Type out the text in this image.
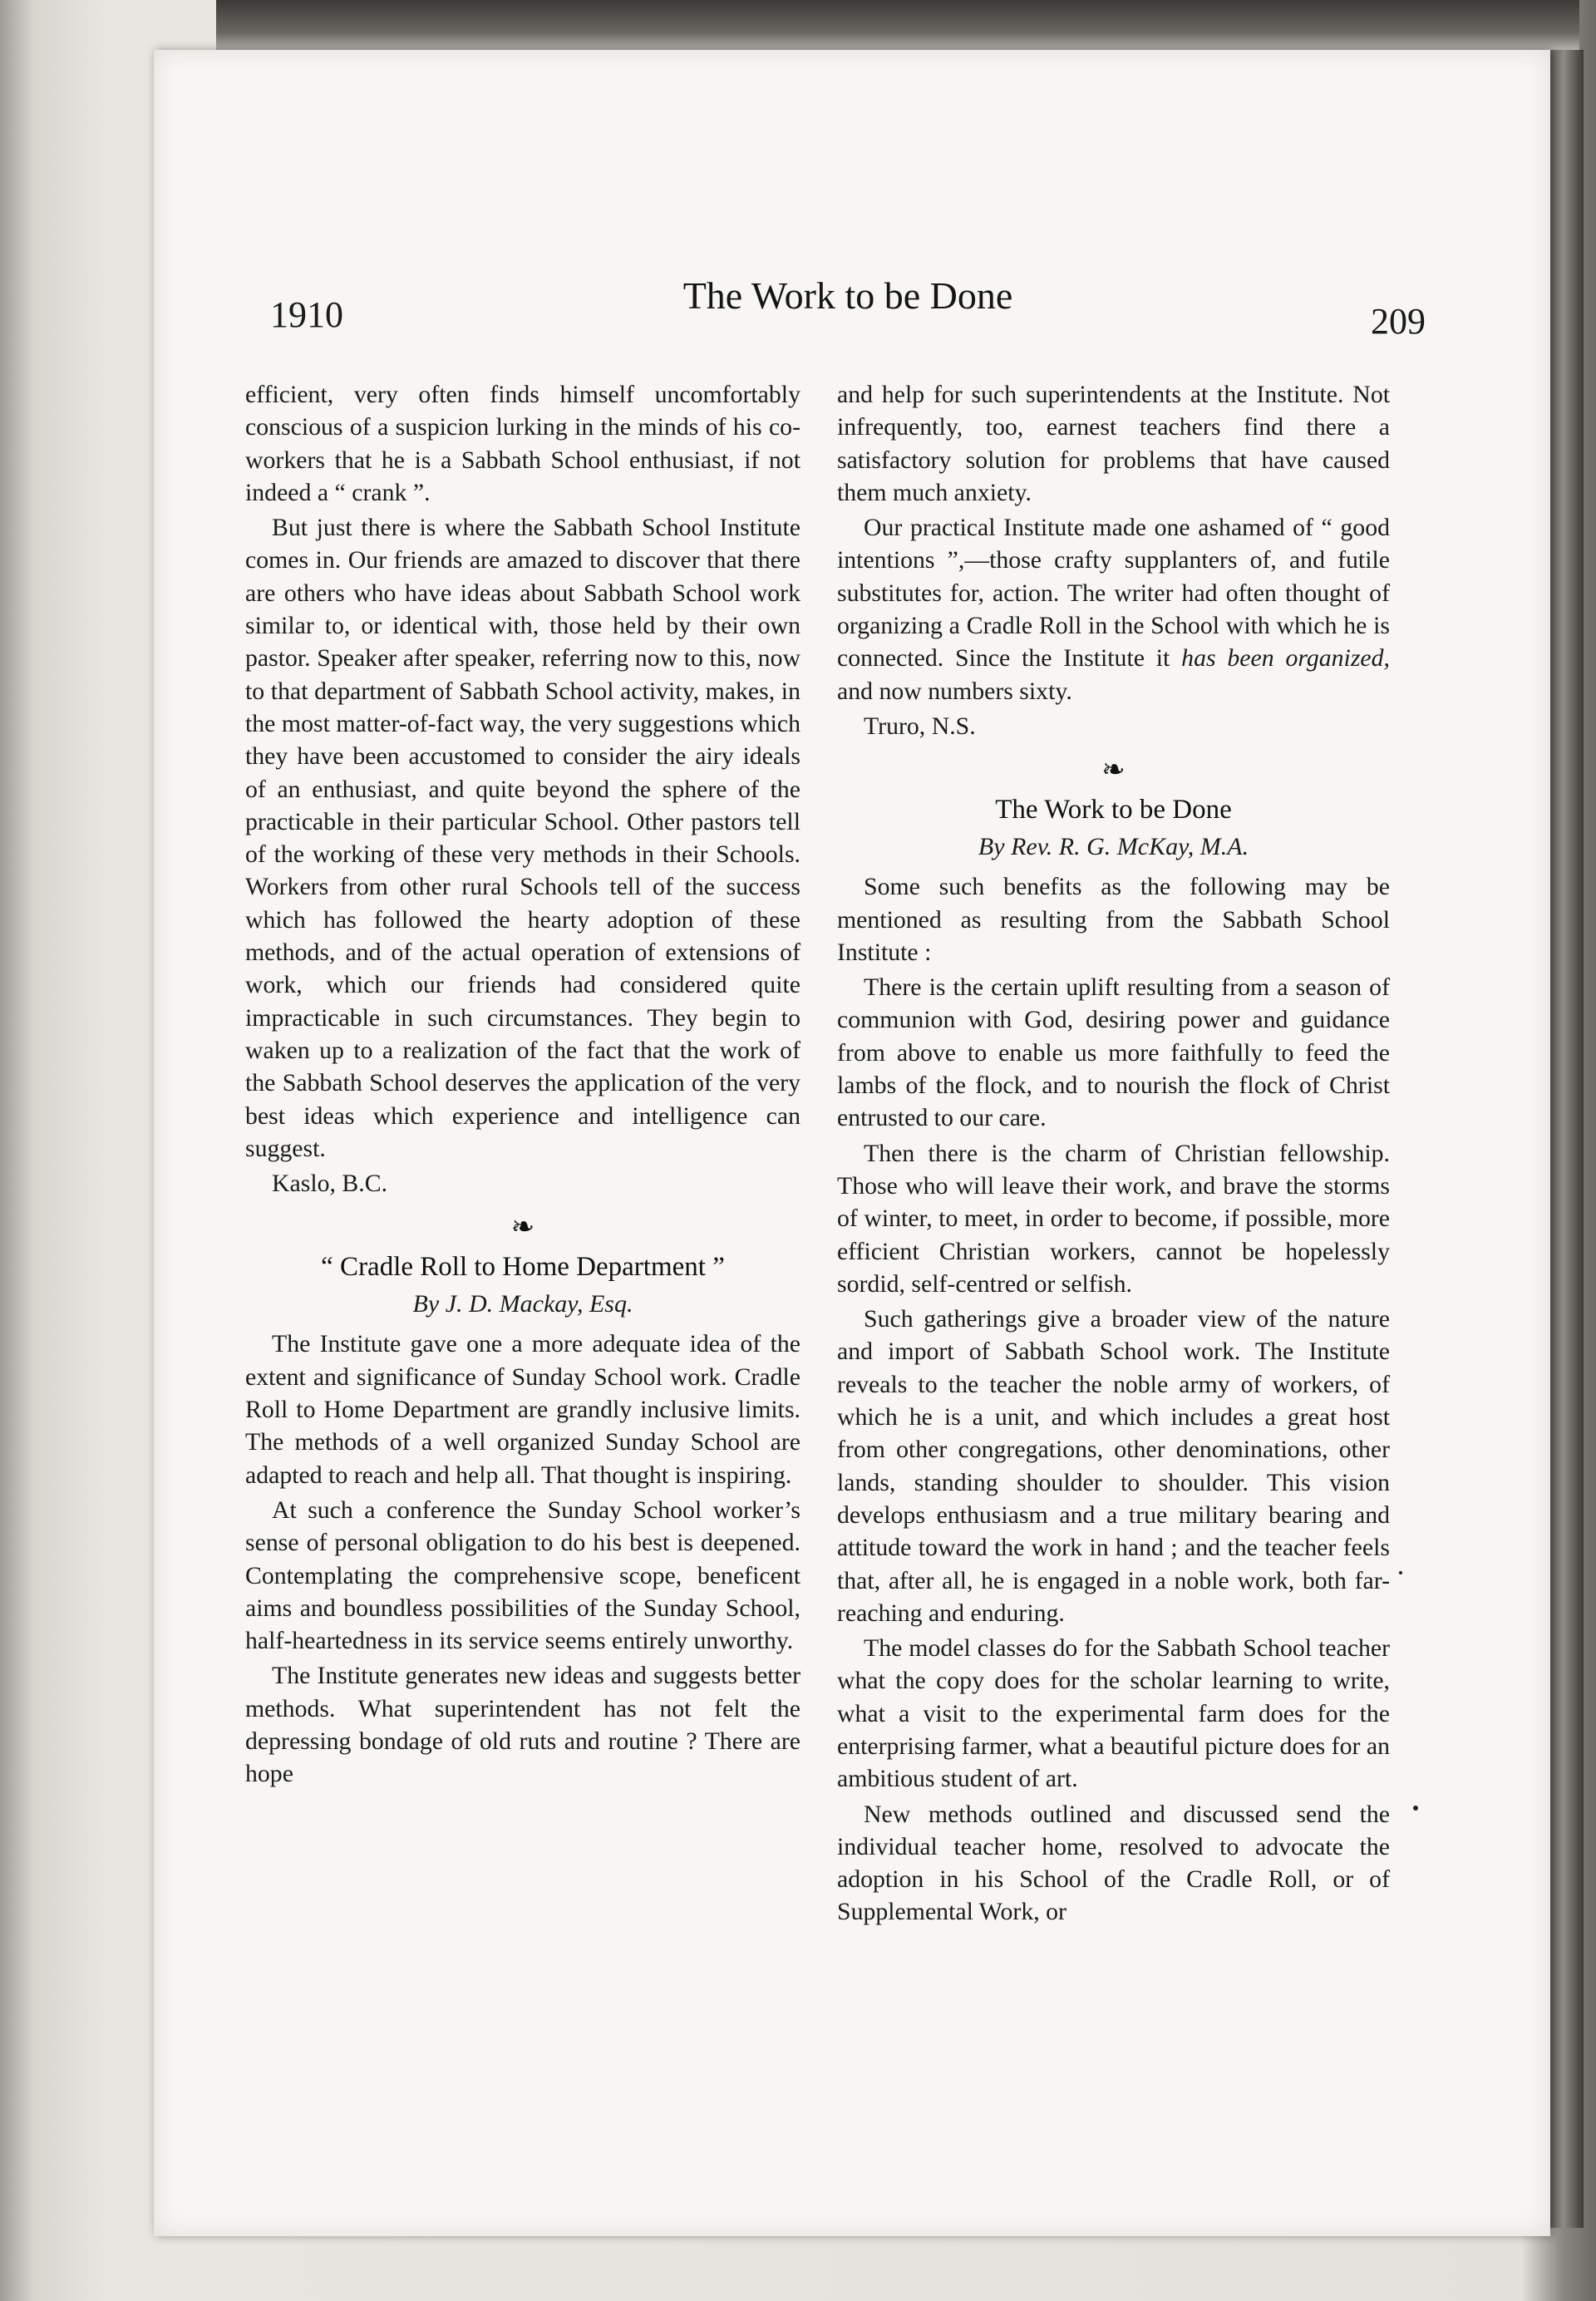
1910	The Work to be Done
209

efficient, very often finds himself uncomfortably conscious of a suspicion lurking in the minds of his co-workers that he is a Sabbath School enthusiast, if not indeed a “ crank ”.

But just there is where the Sabbath School Institute comes in. Our friends are amazed to discover that there are others who have ideas about Sabbath School work similar to, or identical with, those held by their own pastor. Speaker after speaker, referring now to this, now to that department of Sabbath School activity, makes, in the most matter-of-fact way, the very suggestions which they have been accustomed to consider the airy ideals of an enthusiast, and quite beyond the sphere of the practicable in their particular School. Other pastors tell of the working of these very methods in their Schools. Workers from other rural Schools tell of the success which has followed the hearty adoption of these methods, and of the actual operation of extensions of work, which our friends had considered quite impracticable in such circumstances. They begin to waken up to a realization of the fact that the work of the Sabbath School deserves the application of the very best ideas which experience and intelligence can suggest.

Kaslo, B.C.

❧
“ Cradle Roll to Home Department ”
By J. D. Mackay, Esq.

The Institute gave one a more adequate idea of the extent and significance of Sunday School work. Cradle Roll to Home Department are grandly inclusive limits. The methods of a well organized Sunday School are adapted to reach and help all. That thought is inspiring.

At such a conference the Sunday School worker’s sense of personal obligation to do his best is deepened. Contemplating the comprehensive scope, beneficent aims and boundless possibilities of the Sunday School, half-heartedness in its service seems entirely unworthy.

The Institute generates new ideas and suggests better methods. What superintendent has not felt the depressing bondage of old ruts and routine ? There are hope

and help for such superintendents at the Institute. Not infrequently, too, earnest teachers find there a satisfactory solution for problems that have caused them much anxiety.

Our practical Institute made one ashamed of “ good intentions ”,—those crafty supplanters of, and futile substitutes for, action. The writer had often thought of organizing a Cradle Roll in the School with which he is connected. Since the Institute it has been organized, and now numbers sixty.

Truro, N.S.

❧
The Work to be Done
By Rev. R. G. McKay, M.A.

Some such benefits as the following may be mentioned as resulting from the Sabbath School Institute :

There is the certain uplift resulting from a season of communion with God, desiring power and guidance from above to enable us more faithfully to feed the lambs of the flock, and to nourish the flock of Christ entrusted to our care.

Then there is the charm of Christian fellowship. Those who will leave their work, and brave the storms of winter, to meet, in order to become, if possible, more efficient Christian workers, cannot be hopelessly sordid, self-centred or selfish.

Such gatherings give a broader view of the nature and import of Sabbath School work. The Institute reveals to the teacher the noble army of workers, of which he is a unit, and which includes a great host from other congregations, other denominations, other lands, standing shoulder to shoulder. This vision develops enthusiasm and a true military bearing and attitude toward the work in hand ; and the teacher feels that, after all, he is engaged in a noble work, both far-reaching and enduring.

The model classes do for the Sabbath School teacher what the copy does for the scholar learning to write, what a visit to the experimental farm does for the enterprising farmer, what a beautiful picture does for an ambitious student of art.

New methods outlined and discussed send the individual teacher home, resolved to advocate the adoption in his School of the Cradle Roll, or of Supplemental Work, or
